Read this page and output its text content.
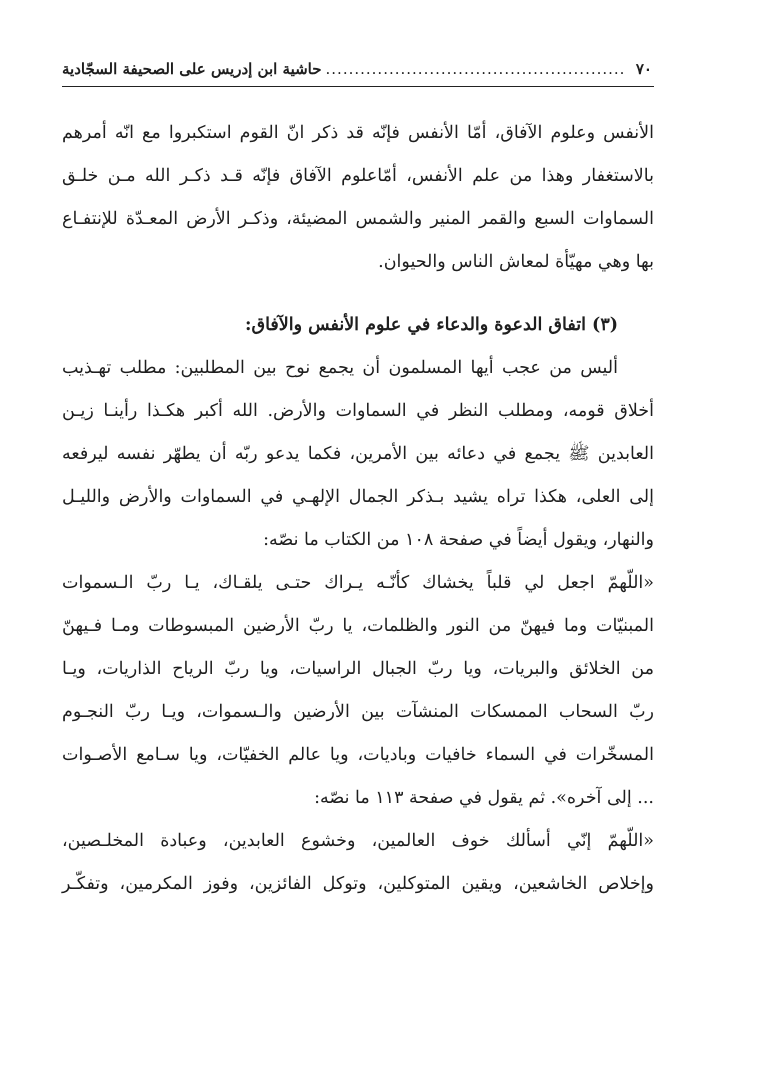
٧٠
.....
حاشية ابن إدريس على الصحيفة السجّادية

الأنفس وعلوم الآفاق، أمّا الأنفس فإنّه قد ذكر انّ القوم استكبروا مع انّه أمرهم
بالاستغفار وهذا من علم الأنفس، أمّاعلوم الآفاق فإنّه قـد ذكـر الله مـن خلـق
السماوات السبع والقمر المنير والشمس المضيئة، وذكـر الأرض المعـدّة للإنتفـاع
بها وهي مهيّأة لمعاش الناس والحيوان.

(٣) اتفاق الدعوة والدعاء في علوم الأنفس والآفاق:

أليس من عجب أيها المسلمون أن يجمع نوح بين المطلبين: مطلب تهـذيب
أخلاق قومه، ومطلب النظر في السماوات والأرض. الله أكبر هكـذا رأينـا زيـن
العابدين ﷺ يجمع في دعائه بين الأمرين، فكما يدعو ربّه أن يطهّر نفسه ليرفعه
إلى العلى، هكذا تراه يشيد بـذكر الجمال الإلهـي في السماوات والأرض والليـل
والنهار، ويقول أيضاً في صفحة ١٠٨ من الكتاب ما نصّه:

«اللّهمّ اجعل لي قلباً يخشاك كأنّـه يـراك حتـى يلقـاك، يـا ربّ الـسموات
المبنيّات وما فيهنّ من النور والظلمات، يا ربّ الأرضين المبسوطات ومـا فـيهنّ
من الخلائق والبريات، ويا ربّ الجبال الراسيات، ويا ربّ الرياح الذاريات، ويـا
ربّ السحاب الممسكات المنشآت بين الأرضين والـسموات، ويـا ربّ النجـوم
المسخّرات في السماء خافيات وباديات، ويا عالم الخفيّات، ويا سـامع الأصـوات
... إلى آخره». ثم يقول في صفحة ١١٣ ما نصّه:

«اللّهمّ إنّي أسألك خوف العالمين، وخشوع العابدين، وعبادة المخلـصين،
وإخلاص الخاشعين، ويقين المتوكلين، وتوكل الفائزين، وفوز المكرمين، وتفكّـر
